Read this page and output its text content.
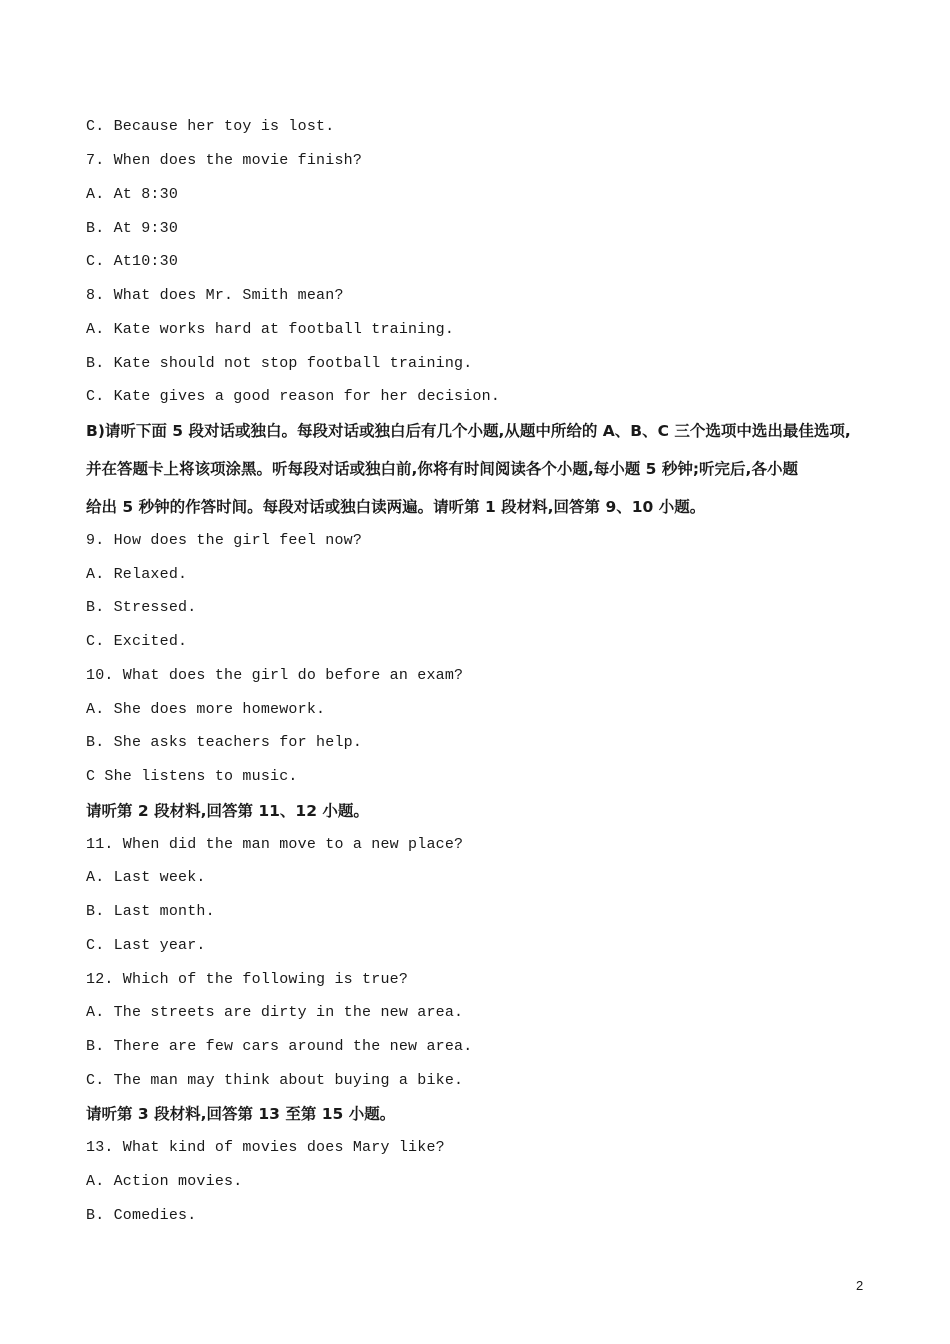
C. Because her toy is lost.
7. When does the movie finish?
A. At 8:30
B. At 9:30
C. At10:30
8. What does Mr. Smith mean?
A. Kate works hard at football training.
B. Kate should not stop football training.
C. Kate gives a good reason for her decision.
B)请听下面 5 段对话或独白。每段对话或独白后有几个小题,从题中所给的 A、B、C 三个选项中选出最佳选项,
并在答题卡上将该项涂黑。听每段对话或独白前,你将有时间阅读各个小题,每小题 5 秒钟;听完后,各小题
给出 5 秒钟的作答时间。每段对话或独白读两遍。请听第 1 段材料,回答第 9、10 小题。
9. How does the girl feel now?
A. Relaxed.
B. Stressed.
C. Excited.
10. What does the girl do before an exam?
A. She does more homework.
B. She asks teachers for help.
C She listens to music.
请听第 2 段材料,回答第 11、12 小题。
11. When did the man move to a new place?
A. Last week.
B. Last month.
C. Last year.
12. Which of the following is true?
A. The streets are dirty in the new area.
B. There are few cars around the new area.
C. The man may think about buying a bike.
请听第 3 段材料,回答第 13 至第 15 小题。
13. What kind of movies does Mary like?
A. Action movies.
B. Comedies.
2
